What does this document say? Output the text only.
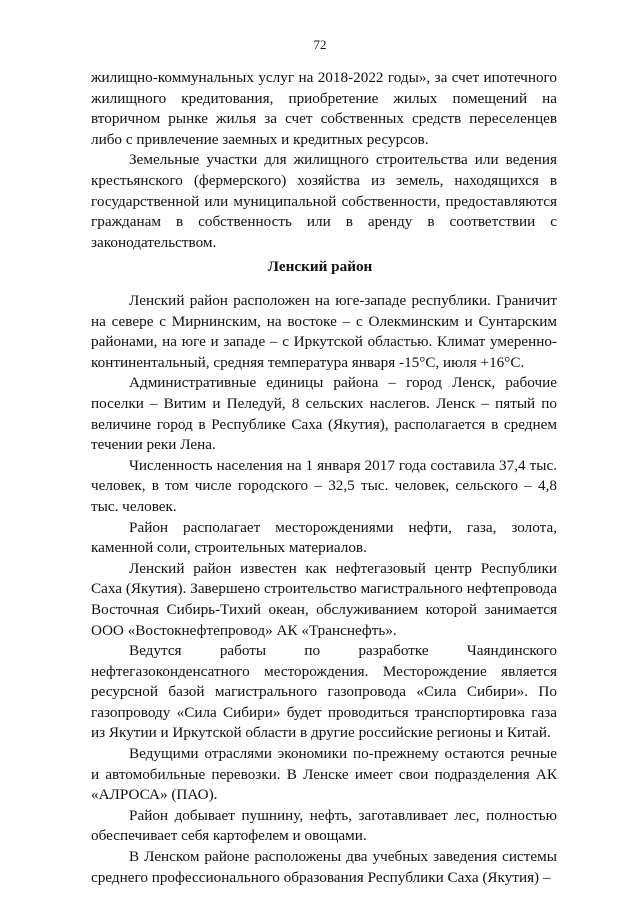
72

жилищно-коммунальных услуг на 2018-2022 годы», за счет ипотечного жилищного кредитования, приобретение жилых помещений на вторичном рынке жилья за счет собственных средств переселенцев либо с привлечение заемных и кредитных ресурсов.

Земельные участки для жилищного строительства или ведения крестьянского (фермерского) хозяйства из земель, находящихся в государственной или муниципальной собственности, предоставляются гражданам в собственность или в аренду в соответствии с законодательством.

Ленский район

Ленский район расположен на юге-западе республики. Граничит на севере с Мирнинским, на востоке – с Олекминским и Сунтарским районами, на юге и западе – с Иркутской областью. Климат умеренно-континентальный, средняя температура января -15°С, июля +16°С.

Административные единицы района – город Ленск, рабочие поселки – Витим и Пеледуй, 8 сельских наслегов. Ленск – пятый по величине город в Республике Саха (Якутия), располагается в среднем течении реки Лена.

Численность населения на 1 января 2017 года составила 37,4 тыс. человек, в том числе городского – 32,5 тыс. человек, сельского – 4,8 тыс. человек.

Район располагает месторождениями нефти, газа, золота, каменной соли, строительных материалов.

Ленский район известен как нефтегазовый центр Республики Саха (Якутия). Завершено строительство магистрального нефтепровода Восточная Сибирь-Тихий океан, обслуживанием которой занимается ООО «Востокнефтепровод» АК «Транснефть».

Ведутся работы по разработке Чаяндинского нефтегазоконденсатного месторождения. Месторождение является ресурсной базой магистрального газопровода «Сила Сибири». По газопроводу «Сила Сибири» будет проводиться транспортировка газа из Якутии и Иркутской области в другие российские регионы и Китай.

Ведущими отраслями экономики по-прежнему остаются речные и автомобильные перевозки. В Ленске имеет свои подразделения АК «АЛРОСА» (ПАО).

Район добывает пушнину, нефть, заготавливает лес, полностью обеспечивает себя картофелем и овощами.

В Ленском районе расположены два учебных заведения системы среднего профессионального образования Республики Саха (Якутия) –
